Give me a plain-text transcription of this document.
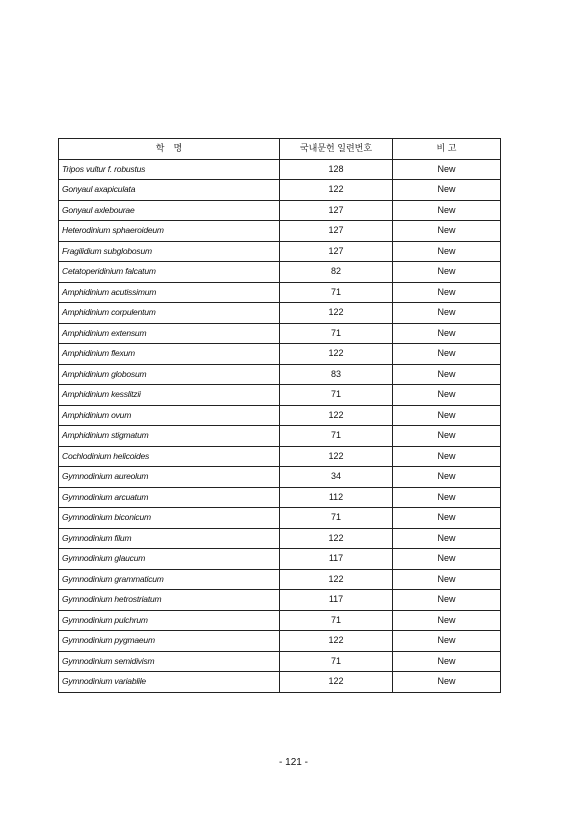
학　명	국내문헌 일련번호	비 고
Tripos vultur f. robustus	128	New
Gonyaul axapiculata	122	New
Gonyaul axlebourae	127	New
Heterodinium sphaeroideum	127	New
Fragilidium subglobosum	127	New
Cetatoperidinium falcatum	82	New
Amphidinium acutissimum	71	New
Amphidinium corpulentum	122	New
Amphidinium extensum	71	New
Amphidinium flexum	122	New
Amphidinium globosum	83	New
Amphidinium kesslitzii	71	New
Amphidinium ovum	122	New
Amphidinium stigmatum	71	New
Cochlodinium helicoides	122	New
Gymnodinium aureolum	34	New
Gymnodinium arcuatum	112	New
Gymnodinium biconicum	71	New
Gymnodinium filum	122	New
Gymnodinium glaucum	117	New
Gymnodinium grammaticum	122	New
Gymnodinium hetrostriatum	117	New
Gymnodinium pulchrum	71	New
Gymnodinium pygmaeum	122	New
Gymnodinium semidivism	71	New
Gymnodinium variablile	122	New
- 121 -
